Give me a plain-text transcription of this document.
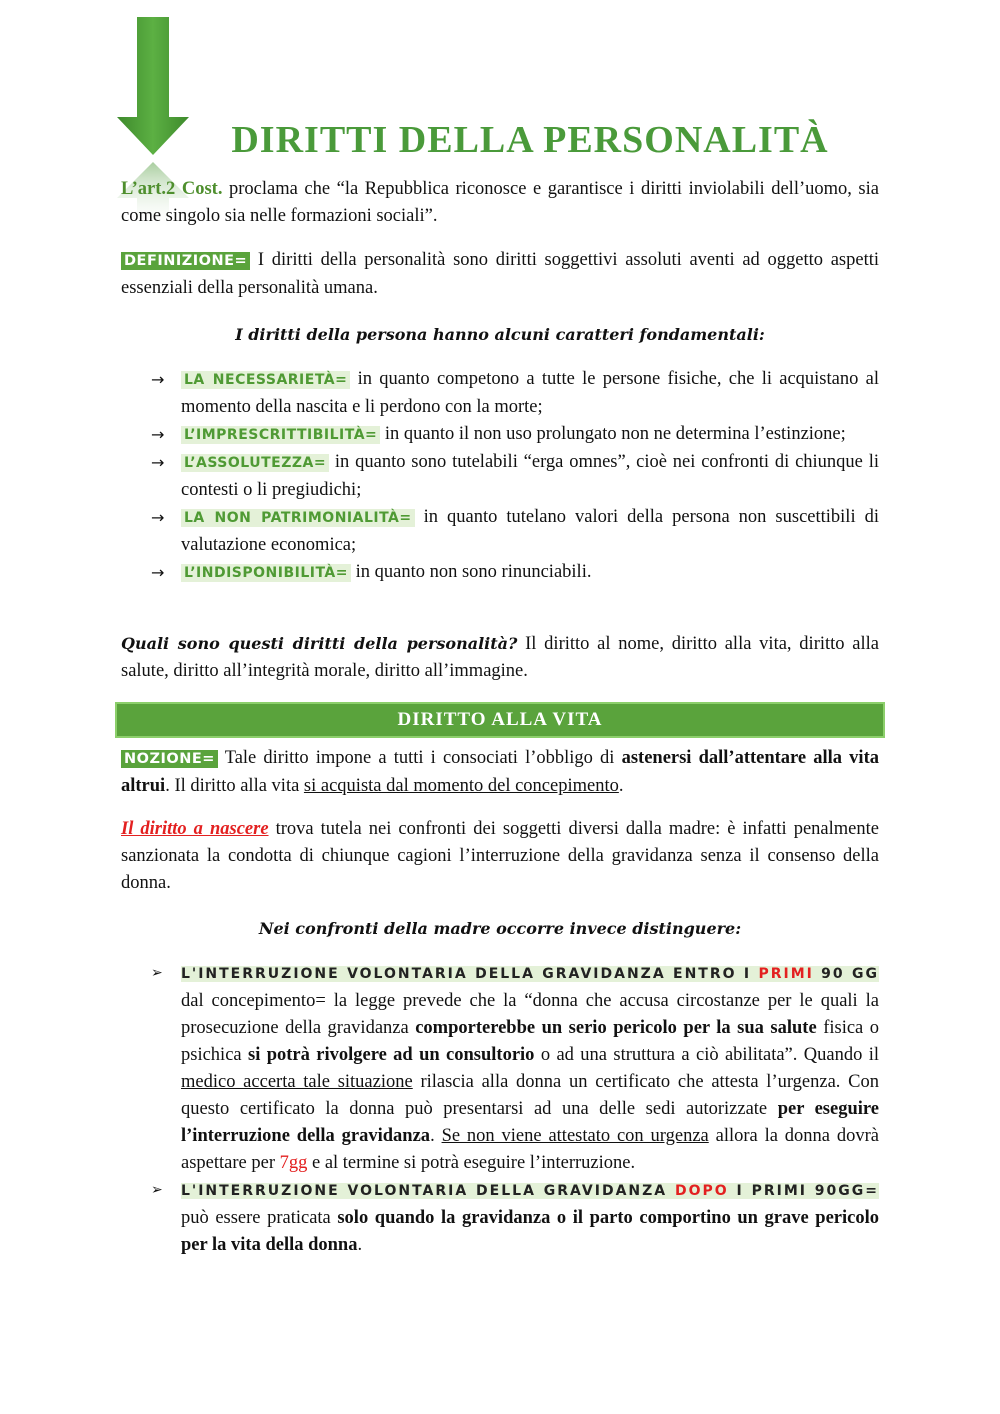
DIRITTI DELLA PERSONALITÀ
L’art.2 Cost. proclama che “la Repubblica riconosce e garantisce i diritti inviolabili dell’uomo, sia come singolo sia nelle formazioni sociali”.
DEFINIZIONE= I diritti della personalità sono diritti soggettivi assoluti aventi ad oggetto aspetti essenziali della personalità umana.
I diritti della persona hanno alcuni caratteri fondamentali:
→ LA NECESSARIETÀ= in quanto competono a tutte le persone fisiche, che li acquistano al momento della nascita e li perdono con la morte;
→ L’IMPRESCRITTIBILITÀ= in quanto il non uso prolungato non ne determina l’estinzione;
→ L’ASSOLUTEZZA= in quanto sono tutelabili “erga omnes”, cioè nei confronti di chiunque li contesti o li pregiudichi;
→ LA NON PATRIMONIALITÀ= in quanto tutelano valori della persona non suscettibili di valutazione economica;
→ L’INDISPONIBILITÀ= in quanto non sono rinunciabili.
Quali sono questi diritti della personalità? Il diritto al nome, diritto alla vita, diritto alla salute, diritto all’integrità morale, diritto all’immagine.
DIRITTO ALLA VITA
NOZIONE= Tale diritto impone a tutti i consociati l’obbligo di astenersi dall’attentare alla vita altrui. Il diritto alla vita si acquista dal momento del concepimento.
Il diritto a nascere trova tutela nei confronti dei soggetti diversi dalla madre: è infatti penalmente sanzionata la condotta di chiunque cagioni l’interruzione della gravidanza senza il consenso della donna.
Nei confronti della madre occorre invece distinguere:
➢ L'INTERRUZIONE VOLONTARIA DELLA GRAVIDANZA ENTRO I PRIMI 90 GG dal concepimento= la legge prevede che la “donna che accusa circostanze per le quali la prosecuzione della gravidanza comporterebbe un serio pericolo per la sua salute fisica o psichica si potrà rivolgere ad un consultorio o ad una struttura a ciò abilitata”. Quando il medico accerta tale situazione rilascia alla donna un certificato che attesta l’urgenza. Con questo certificato la donna può presentarsi ad una delle sedi autorizzate per eseguire l’interruzione della gravidanza. Se non viene attestato con urgenza allora la donna dovrà aspettare per 7gg e al termine si potrà eseguire l’interruzione.
➢ L'INTERRUZIONE VOLONTARIA DELLA GRAVIDANZA DOPO I PRIMI 90GG= può essere praticata solo quando la gravidanza o il parto comportino un grave pericolo per la vita della donna.
